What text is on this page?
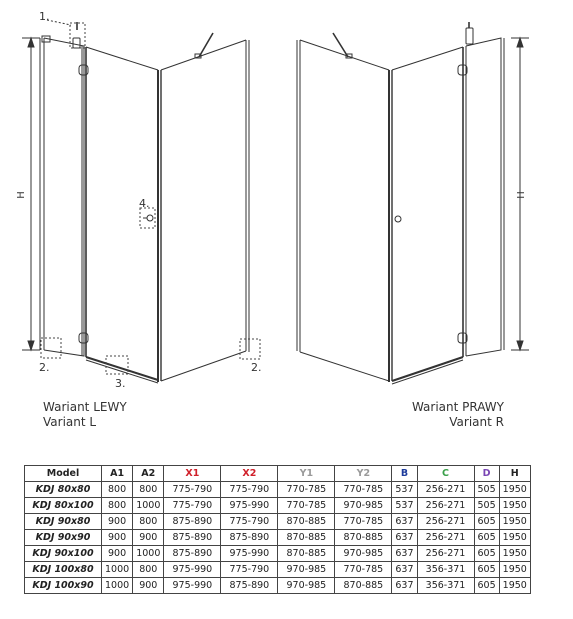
1.
2.
3.
4.
2.
H	H
Wariant LEWY
Variant L
Wariant PRAWY
Variant R
Model	A1	A2	X1	X2	Y1	Y2	B	C	D	H
KDJ 80x80	800	800	775-790	775-790	770-785	770-785	537	256-271	505	1950
KDJ 80x100	800	1000	775-790	975-990	770-785	970-985	537	256-271	505	1950
KDJ 90x80	900	800	875-890	775-790	870-885	770-785	637	256-271	605	1950
KDJ 90x90	900	900	875-890	875-890	870-885	870-885	637	256-271	605	1950
KDJ 90x100	900	1000	875-890	975-990	870-885	970-985	637	256-271	605	1950
KDJ 100x80	1000	800	975-990	775-790	970-985	770-785	637	356-371	605	1950
KDJ 100x90	1000	900	975-990	875-890	970-985	870-885	637	356-371	605	1950
